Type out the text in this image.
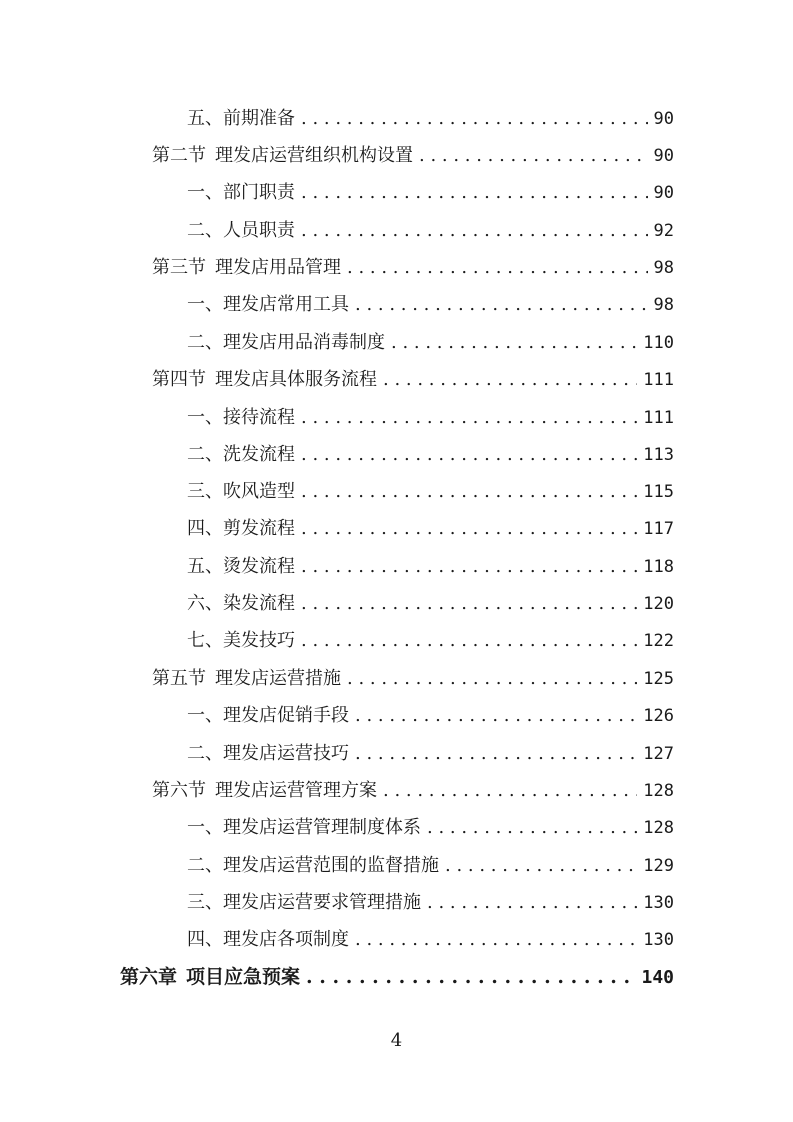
五、前期准备 . . .	90
第二节 理发店运营组织机构设置 . . .	90
一、部门职责 . . .	90
二、人员职责 . . .	92
第三节 理发店用品管理 . . .	98
一、理发店常用工具 . . .	98
二、理发店用品消毒制度 . . .	110
第四节 理发店具体服务流程 . . .	111
一、接待流程 . . .	111
二、洗发流程 . . .	113
三、吹风造型 . . .	115
四、剪发流程 . . .	117
五、烫发流程 . . .	118
六、染发流程 . . .	120
七、美发技巧 . . .	122
第五节 理发店运营措施 . . .	125
一、理发店促销手段 . . .	126
二、理发店运营技巧 . . .	127
第六节 理发店运营管理方案 . . .	128
一、理发店运营管理制度体系 . . .	128
二、理发店运营范围的监督措施 . . .	129
三、理发店运营要求管理措施 . . .	130
四、理发店各项制度 . . .	130
第六章 项目应急预案 . . .	140
4
